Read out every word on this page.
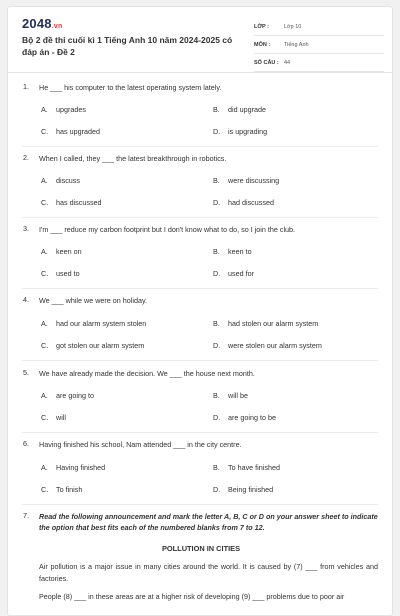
2048.vn
Bộ 2 đề thi cuối kì 1 Tiếng Anh 10 năm 2024-2025 có đáp án - Đề 2
LỚP :	Lớp 10
MÔN :	Tiếng Anh
SỐ CÂU : 44
1. He ___ his computer to the latest operating system lately.
A. upgrades	B. did upgrade
C. has upgraded	D. is upgrading
2. When I called, they ___ the latest breakthrough in robotics.
A. discuss	B. were discussing
C. has discussed	D. had discussed
3. I'm ___ reduce my carbon footprint but I don't know what to do, so I join the club.
A. keen on	B. keen to
C. used to	D. used for
4. We ___ while we were on holiday.
A. had our alarm system stolen	B. had stolen our alarm system
C. got stolen our alarm system	D. were stolen our alarm system
5. We have already made the decision. We ___ the house next month.
A. are going to	B. will be
C. will	D. are going to be
6. Having finished his school, Nam attended ___ in the city centre.
A. Having finished	B. To have finished
C. To finish	D. Being finished
7. Read the following announcement and mark the letter A, B, C or D on your answer sheet to indicate the option that best fits each of the numbered blanks from 7 to 12.
POLLUTION IN CITIES
Air pollution is a major issue in many cities around the world. It is caused by (7) ___ from vehicles and factories.
People (8) ___ in these areas are at a higher risk of developing (9) ___ problems due to poor air
